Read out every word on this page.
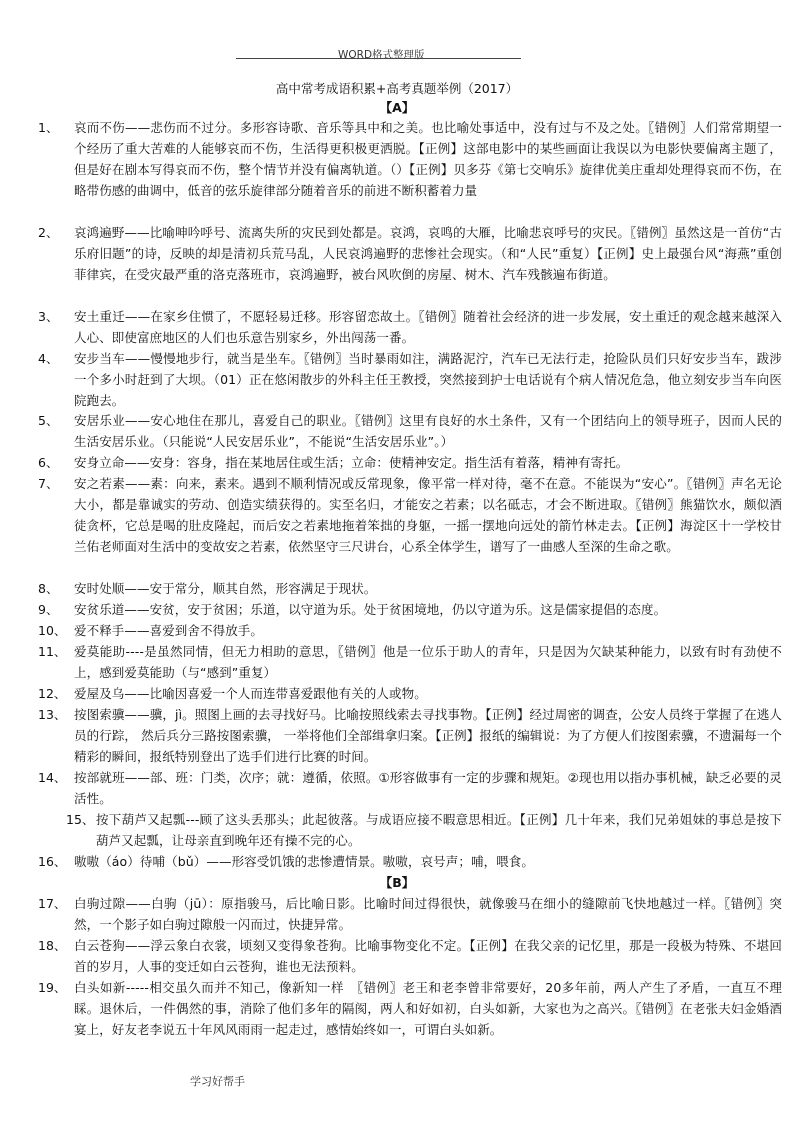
WORD格式整理版
高中常考成语积累+高考真题举例（2017）
【A】
1、 哀而不伤——悲伤而不过分。多形容诗歌、音乐等具中和之美。也比喻处事适中，没有过与不及之处。〖错例〗人们常常期望一个经历了重大苦难的人能够哀而不伤，生活得更积极更洒脱。【正例】这部电影中的某些画面让我误以为电影快要偏离主题了，但是好在剧本写得哀而不伤，整个情节并没有偏离轨道。（）【正例】贝多芬《第七交响乐》旋律优美庄重却处理得哀而不伤，在略带伤感的曲调中，低音的弦乐旋律部分随着音乐的前进不断积蓄着力量
2、 哀鸿遍野——比喻呻吟呼号、流离失所的灾民到处都是。哀鸿，哀鸣的大雁，比喻悲哀呼号的灾民。〖错例〗虽然这是一首仿“古乐府旧题”的诗，反映的却是清初兵荒马乱，人民哀鸿遍野的悲惨社会现实。（和“人民”重复）【正例】史上最强台风“海燕”重创菲律宾，在受灾最严重的洛克落班市，哀鸿遍野，被台风吹倒的房屋、树木、汽车残骸遍布街道。
3、 安土重迁——在家乡住惯了，不愿轻易迁移。形容留恋故土。〖错例〗随着社会经济的进一步发展，安土重迁的观念越来越深入人心、即使富庶地区的人们也乐意告别家乡，外出闯荡一番。
4、 安步当车——慢慢地步行，就当是坐车。〖错例〗当时暴雨如注，满路泥泞，汽车已无法行走，抢险队员们只好安步当车，跋涉一个多小时赶到了大坝。（01）正在悠闲散步的外科主任王教授，突然接到护士电话说有个病人情况危急，他立刻安步当车向医院跑去。
5、 安居乐业——安心地住在那儿，喜爱自己的职业。〖错例〗这里有良好的水土条件，又有一个团结向上的领导班子，因而人民的生活安居乐业。（只能说“人民安居乐业”，不能说“生活安居乐业”。）
6、 安身立命——安身：容身，指在某地居住或生活；立命：使精神安定。指生活有着落，精神有寄托。
7、 安之若素——素：向来，素来。遇到不顺利情况或反常现象，像平常一样对待，毫不在意。不能误为“安心”。〖错例〗声名无论大小，都是靠诚实的劳动、创造实绩获得的。实至名归，才能安之若素；以名砥志，才会不断进取。〖错例〗熊猫饮水，颇似酒徒贪杯，它总是喝的肚皮隆起，而后安之若素地拖着笨拙的身躯，一摇一摆地向远处的箭竹林走去。【正例】海淀区十一学校甘兰佑老师面对生活中的变故安之若素，依然坚守三尺讲台，心系全体学生，谱写了一曲感人至深的生命之歌。
8、 安时处顺——安于常分，顺其自然，形容满足于现状。
9、 安贫乐道——安贫，安于贫困；乐道，以守道为乐。处于贫困境地，仍以守道为乐。这是儒家提倡的态度。
10、 爱不释手——喜爱到舍不得放手。
11、 爱莫能助----是虽然同情，但无力相助的意思，〖错例〗他是一位乐于助人的青年，只是因为欠缺某种能力，以致有时有劲使不上，感到爱莫能助（与“感到”重复）
12、 爱屋及乌——比喻因喜爱一个人而连带喜爱跟他有关的人或物。
13、 按图索骥——骥，jì。照图上画的去寻找好马。比喻按照线索去寻找事物。【正例】经过周密的调查，公安人员终于掌握了在逃人员的行踪， 然后兵分三路按图索骥， 一举将他们全部缉拿归案。【正例】报纸的编辑说：为了方便人们按图索骥，不遗漏每一个精彩的瞬间，报纸特别登出了选手们进行比赛的时间。
14、 按部就班——部、班：门类，次序；就：遵循，依照。①形容做事有一定的步骤和规矩。②现也用以指办事机械，缺乏必要的灵活性。
15、 按下葫芦又起瓢---顾了这头丢那头；此起彼落。与成语应接不暇意思相近。【正例】几十年来，我们兄弟姐妹的事总是按下葫芦又起瓢，让母亲直到晚年还有操不完的心。
16、 嗷嗷（áo）待哺（bǔ）——形容受饥饿的悲惨遭情景。嗷嗷，哀号声；哺，喂食。
【B】
17、 白驹过隙——白驹（jū）：原指骏马，后比喻日影。比喻时间过得很快，就像骏马在细小的缝隙前飞快地越过一样。〖错例〗突然，一个影子如白驹过隙般一闪而过，快捷异常。
18、 白云苍狗——浮云象白衣裳，顷刻又变得象苍狗。比喻事物变化不定。【正例】在我父亲的记忆里，那是一段极为特殊、不堪回首的岁月，人事的变迁如白云苍狗，谁也无法预料。
19、 白头如新-----相交虽久而并不知己，像新知一样　〖错例〗老王和老李曾非常要好，20多年前，两人产生了矛盾，一直互不理睬。退休后，一件偶然的事，消除了他们多年的隔阂，两人和好如初，白头如新，大家也为之高兴。〖错例〗在老张夫妇金婚酒宴上，好友老李说五十年风风雨雨一起走过，感情始终如一，可谓白头如新。
学习好帮手
